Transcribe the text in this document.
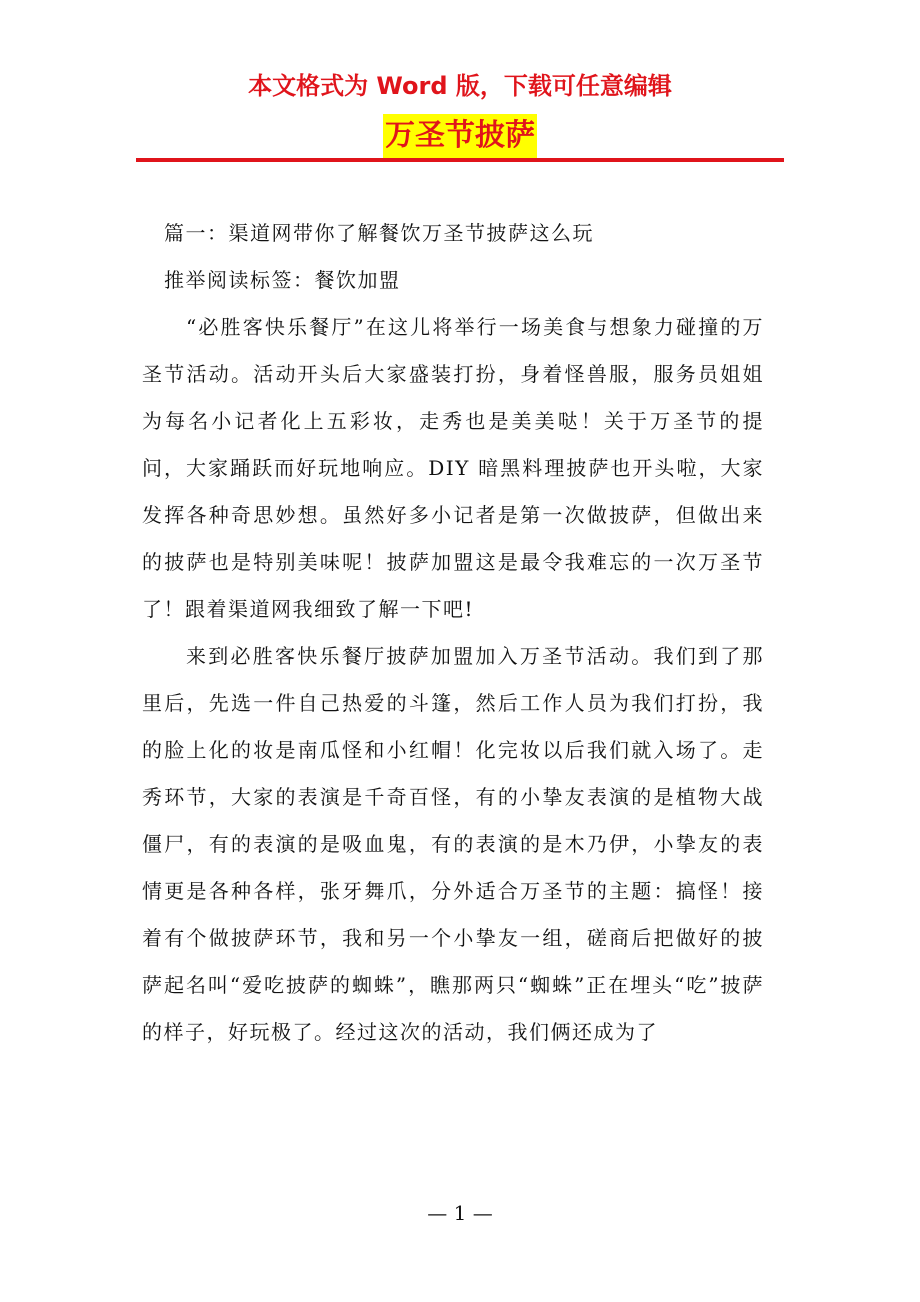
本文格式为 Word 版，下载可任意编辑
万圣节披萨
篇一：渠道网带你了解餐饮万圣节披萨这么玩
推举阅读标签：餐饮加盟

“必胜客快乐餐厅”在这儿将举行一场美食与想象力碰撞的万圣节活动。活动开头后大家盛装打扮，身着怪兽服，服务员姐姐为每名小记者化上五彩妆，走秀也是美美哒！关于万圣节的提问，大家踊跃而好玩地响应。DIY 暗黑料理披萨也开头啦，大家发挥各种奇思妙想。虽然好多小记者是第一次做披萨，但做出来的披萨也是特别美味呢！披萨加盟这是最令我难忘的一次万圣节了！跟着渠道网我细致了解一下吧!

来到必胜客快乐餐厅披萨加盟加入万圣节活动。我们到了那里后，先选一件自己热爱的斗篷，然后工作人员为我们打扮，我的脸上化的妆是南瓜怪和小红帽！化完妆以后我们就入场了。走秀环节，大家的表演是千奇百怪，有的小挚友表演的是植物大战僵尸，有的表演的是吸血鬼，有的表演的是木乃伊，小挚友的表情更是各种各样，张牙舞爪，分外适合万圣节的主题：搞怪！接着有个做披萨环节，我和另一个小挚友一组，磋商后把做好的披萨起名叫“爱吃披萨的蜘蛛”，瞧那两只“蜘蛛”正在埋头“吃”披萨的样子，好玩极了。经过这次的活动，我们俩还成为了

— 1 —
